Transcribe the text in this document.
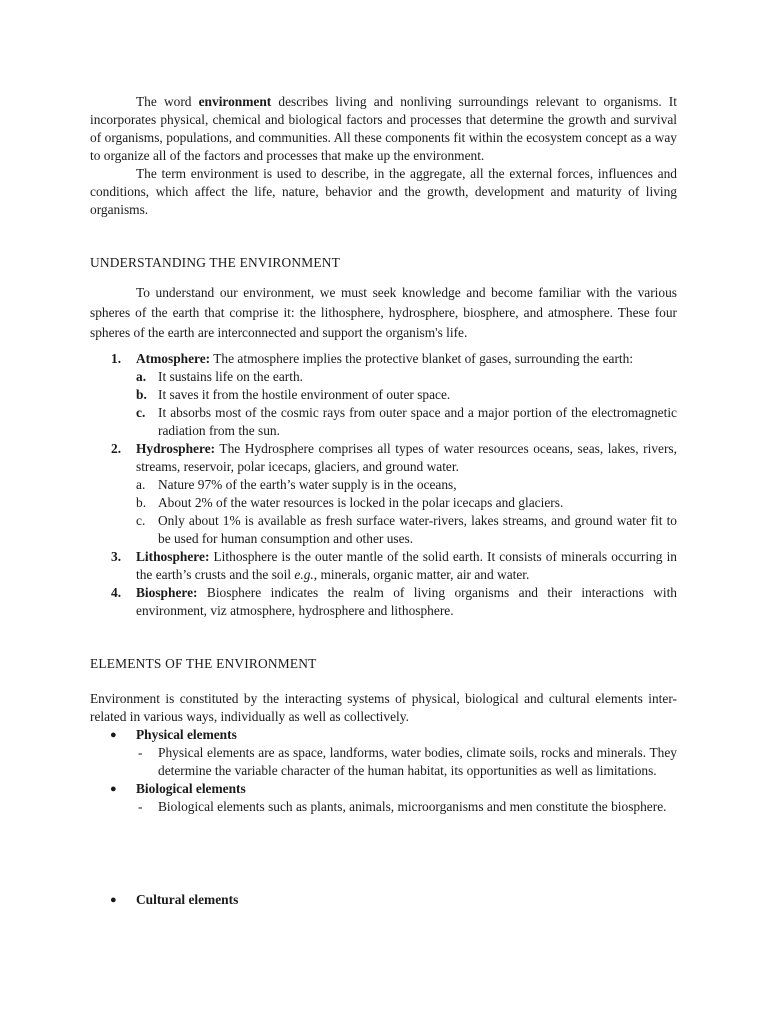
The word environment describes living and nonliving surroundings relevant to organisms. It incorporates physical, chemical and biological factors and processes that determine the growth and survival of organisms, populations, and communities. All these components fit within the ecosystem concept as a way to organize all of the factors and processes that make up the environment.

The term environment is used to describe, in the aggregate, all the external forces, influences and conditions, which affect the life, nature, behavior and the growth, development and maturity of living organisms.

UNDERSTANDING THE ENVIRONMENT

To understand our environment, we must seek knowledge and become familiar with the various spheres of the earth that comprise it: the lithosphere, hydrosphere, biosphere, and atmosphere. These four spheres of the earth are interconnected and support the organism's life.

1. Atmosphere: The atmosphere implies the protective blanket of gases, surrounding the earth:
a. It sustains life on the earth.
b. It saves it from the hostile environment of outer space.
c. It absorbs most of the cosmic rays from outer space and a major portion of the electromagnetic radiation from the sun.
2. Hydrosphere: The Hydrosphere comprises all types of water resources oceans, seas, lakes, rivers, streams, reservoir, polar icecaps, glaciers, and ground water.
a. Nature 97% of the earth’s water supply is in the oceans,
b. About 2% of the water resources is locked in the polar icecaps and glaciers.
c. Only about 1% is available as fresh surface water-rivers, lakes streams, and ground water fit to be used for human consumption and other uses.
3. Lithosphere: Lithosphere is the outer mantle of the solid earth. It consists of minerals occurring in the earth’s crusts and the soil e.g., minerals, organic matter, air and water.
4. Biosphere: Biosphere indicates the realm of living organisms and their interactions with environment, viz atmosphere, hydrosphere and lithosphere.
ELEMENTS OF THE ENVIRONMENT

Environment is constituted by the interacting systems of physical, biological and cultural elements inter-related in various ways, individually as well as collectively.

● Physical elements
- Physical elements are as space, landforms, water bodies, climate soils, rocks and minerals. They determine the variable character of the human habitat, its opportunities as well as limitations.
● Biological elements
- Biological elements such as plants, animals, microorganisms and men constitute the biosphere.
● Cultural elements
